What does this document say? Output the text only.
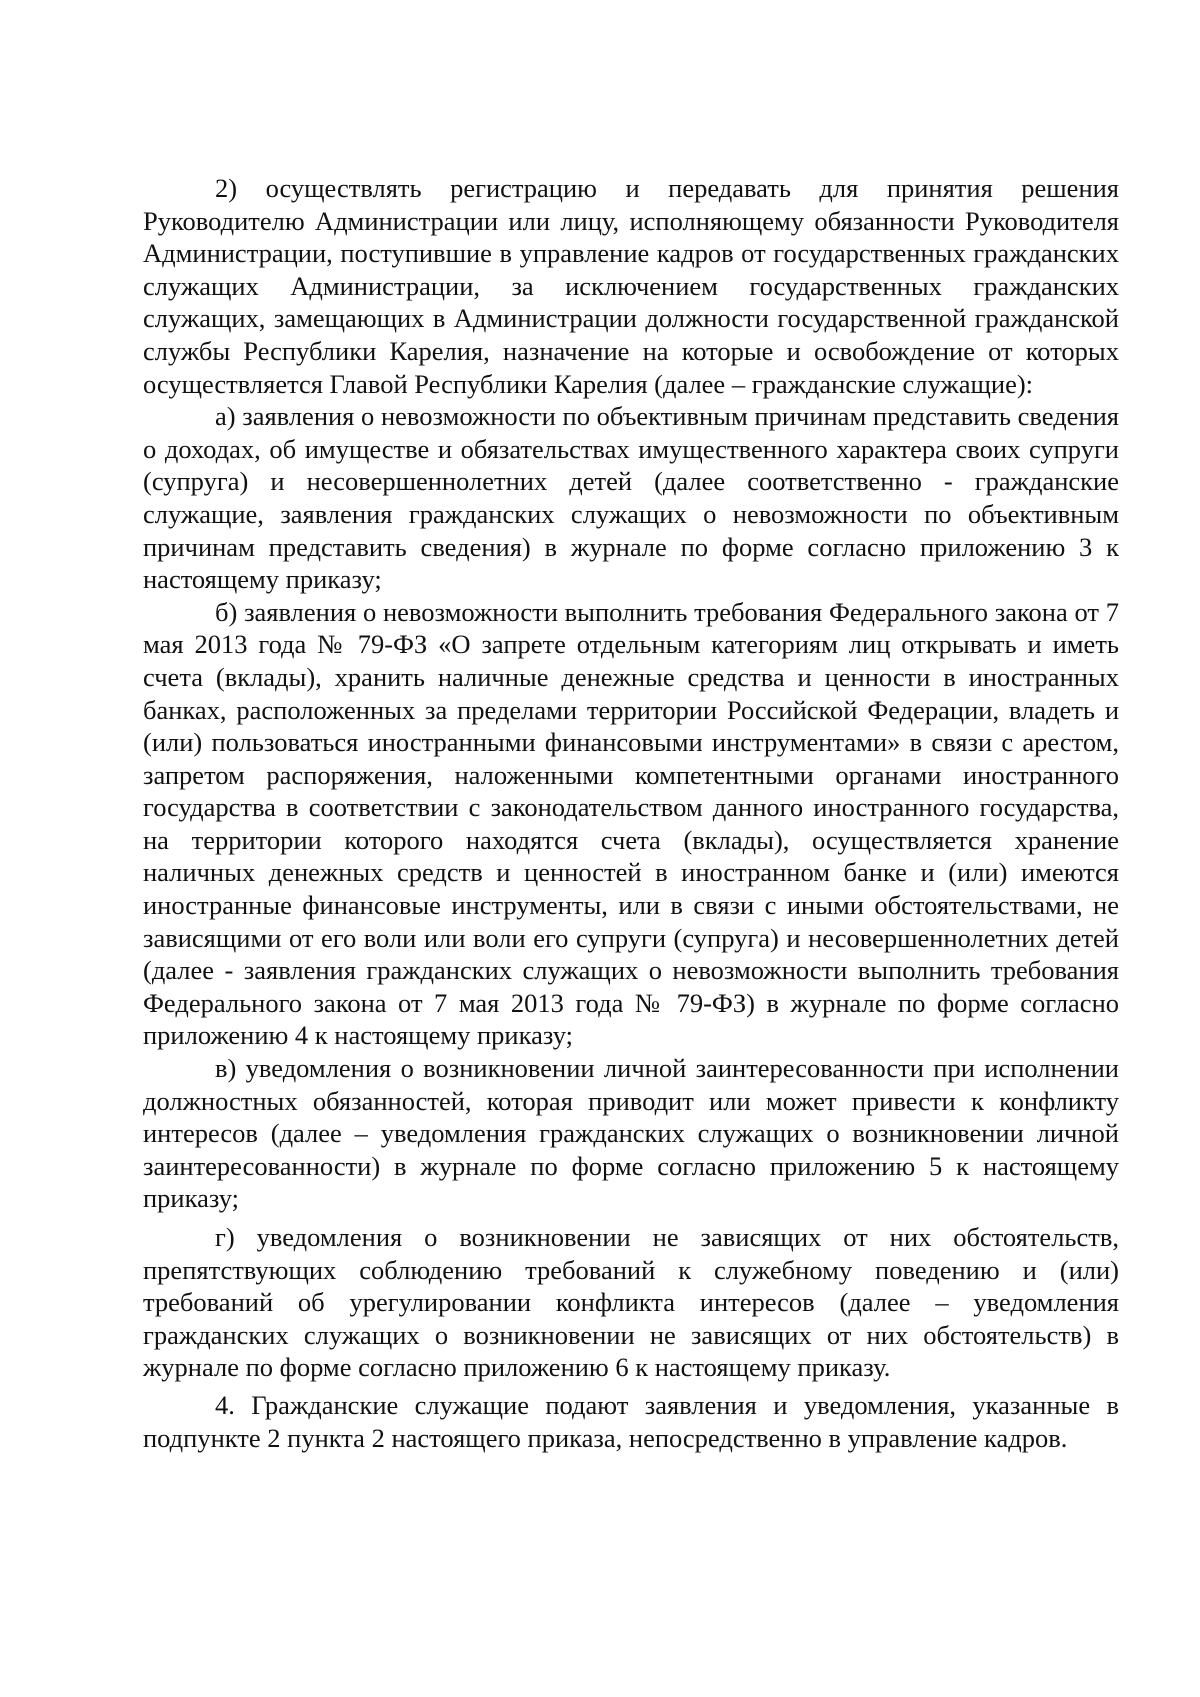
2) осуществлять регистрацию и передавать для принятия решения Руководителю Администрации или лицу, исполняющему обязанности Руководителя Администрации, поступившие в управление кадров от государственных гражданских служащих Администрации, за исключением государственных гражданских служащих, замещающих в Администрации должности государственной гражданской службы Республики Карелия, назначение на которые и освобождение от которых осуществляется Главой Республики Карелия (далее – гражданские служащие):

а) заявления о невозможности по объективным причинам представить сведения о доходах, об имуществе и обязательствах имущественного характера своих супруги (супруга) и несовершеннолетних детей (далее соответственно - гражданские служащие, заявления гражданских служащих о невозможности по объективным причинам представить сведения) в журнале по форме согласно приложению 3 к настоящему приказу;

б) заявления о невозможности выполнить требования Федерального закона от 7 мая 2013 года № 79-ФЗ «О запрете отдельным категориям лиц открывать и иметь счета (вклады), хранить наличные денежные средства и ценности в иностранных банках, расположенных за пределами территории Российской Федерации, владеть и (или) пользоваться иностранными финансовыми инструментами» в связи с арестом, запретом распоряжения, наложенными компетентными органами иностранного государства в соответствии с законодательством данного иностранного государства, на территории которого находятся счета (вклады), осуществляется хранение наличных денежных средств и ценностей в иностранном банке и (или) имеются иностранные финансовые инструменты, или в связи с иными обстоятельствами, не зависящими от его воли или воли его супруги (супруга) и несовершеннолетних детей (далее - заявления гражданских служащих о невозможности выполнить требования Федерального закона от 7 мая 2013 года № 79-ФЗ) в журнале по форме согласно приложению 4 к настоящему приказу;

в) уведомления о возникновении личной заинтересованности при исполнении должностных обязанностей, которая приводит или может привести к конфликту интересов (далее – уведомления гражданских служащих о возникновении личной заинтересованности) в журнале по форме согласно приложению 5 к настоящему приказу;

г) уведомления о возникновении не зависящих от них обстоятельств, препятствующих соблюдению требований к служебному поведению и (или) требований об урегулировании конфликта интересов (далее – уведомления гражданских служащих о возникновении не зависящих от них обстоятельств) в журнале по форме согласно приложению 6 к настоящему приказу.

4. Гражданские служащие подают заявления и уведомления, указанные в подпункте 2 пункта 2 настоящего приказа, непосредственно в управление кадров.
